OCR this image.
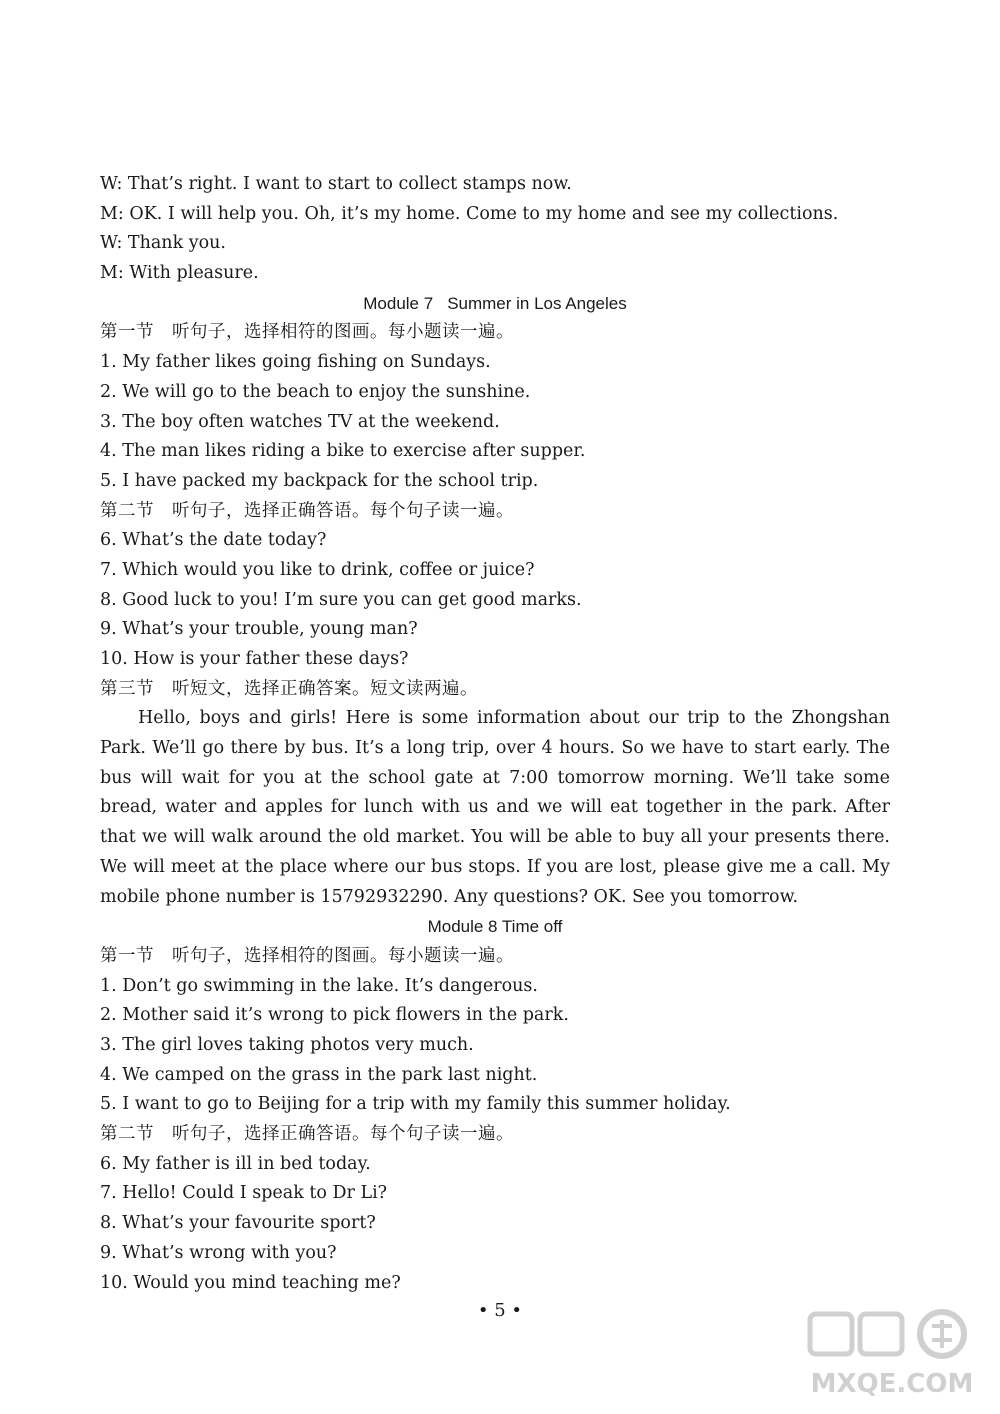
W: That’s right. I want to start to collect stamps now.
M: OK. I will help you. Oh, it’s my home. Come to my home and see my collections.
W: Thank you.
M: With pleasure.
Module 7 Summer in Los Angeles
第一节　听句子，选择相符的图画。每小题读一遍。
1. My father likes going fishing on Sundays.
2. We will go to the beach to enjoy the sunshine.
3. The boy often watches TV at the weekend.
4. The man likes riding a bike to exercise after supper.
5. I have packed my backpack for the school trip.
第二节　听句子，选择正确答语。每个句子读一遍。
6. What’s the date today?
7. Which would you like to drink, coffee or juice?
8. Good luck to you! I’m sure you can get good marks.
9. What’s your trouble, young man?
10. How is your father these days?
第三节　听短文，选择正确答案。短文读两遍。

Hello, boys and girls! Here is some information about our trip to the Zhongshan Park. We’ll go there by bus. It’s a long trip, over 4 hours. So we have to start early. The bus will wait for you at the school gate at 7:00 tomorrow morning. We’ll take some bread, water and apples for lunch with us and we will eat together in the park. After that we will walk around the old market. You will be able to buy all your presents there. We will meet at the place where our bus stops. If you are lost, please give me a call. My mobile phone number is 15792932290. Any questions? OK. See you tomorrow.

Module 8 Time off
第一节　听句子，选择相符的图画。每小题读一遍。
1. Don’t go swimming in the lake. It’s dangerous.
2. Mother said it’s wrong to pick flowers in the park.
3. The girl loves taking photos very much.
4. We camped on the grass in the park last night.
5. I want to go to Beijing for a trip with my family this summer holiday.
第二节　听句子，选择正确答语。每个句子读一遍。
6. My father is ill in bed today.
7. Hello! Could I speak to Dr Li?
8. What’s your favourite sport?
9. What’s wrong with you?
10. Would you mind teaching me?
• 5 •
MXQE.COM
